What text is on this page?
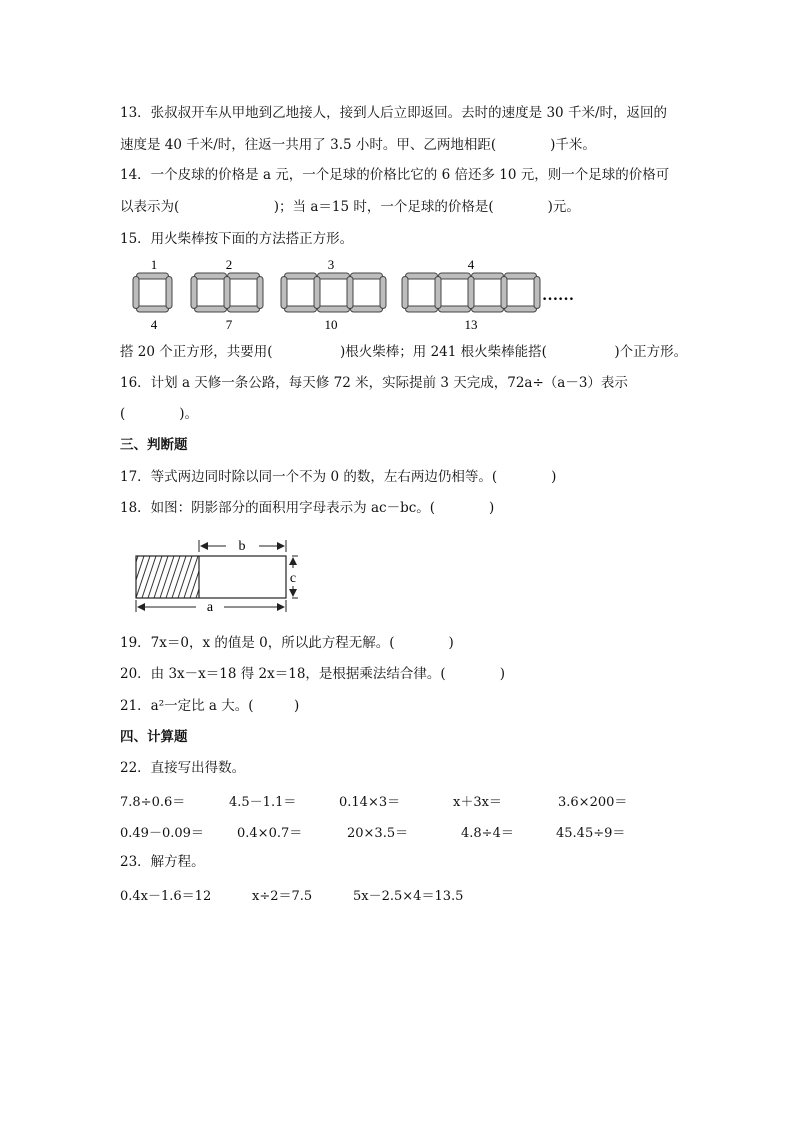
13．张叔叔开车从甲地到乙地接人，接到人后立即返回。去时的速度是 30 千米/时，返回的
速度是 40 千米/时，往返一共用了 3.5 小时。甲、乙两地相距(　　　　)千米。
14．一个皮球的价格是 a 元，一个足球的价格比它的 6 倍还多 10 元，则一个足球的价格可
以表示为(　　　　　　　)；当 a＝15 时，一个足球的价格是(　　　　)元。
15．用火柴棒按下面的方法搭正方形。
1	2	3	4
4	7	10	13
……
搭 20 个正方形，共要用(　　　　　)根火柴棒；用 241 根火柴棒能搭(　　　　　)个正方形。
16．计划 a 天修一条公路，每天修 72 米，实际提前 3 天完成，72a÷（a－3）表示
(　　　　)。
三、判断题
17．等式两边同时除以同一个不为 0 的数，左右两边仍相等。(　　　　)
18．如图：阴影部分的面积用字母表示为 ac－bc。(　　　　)
b
c
a
19．7x＝0，x 的值是 0，所以此方程无解。(　　　　)
20．由 3x－x＝18 得 2x＝18，是根据乘法结合律。(　　　　)
21．a²一定比 a 大。(　　　)
四、计算题
22．直接写出得数。
7.8÷0.6＝	4.5－1.1＝	0.14×3＝	x＋3x＝	3.6×200＝
0.49－0.09＝	0.4×0.7＝	20×3.5＝	4.8÷4＝	45.45÷9＝
23．解方程。
0.4x－1.6＝12	x÷2＝7.5	5x－2.5×4＝13.5
